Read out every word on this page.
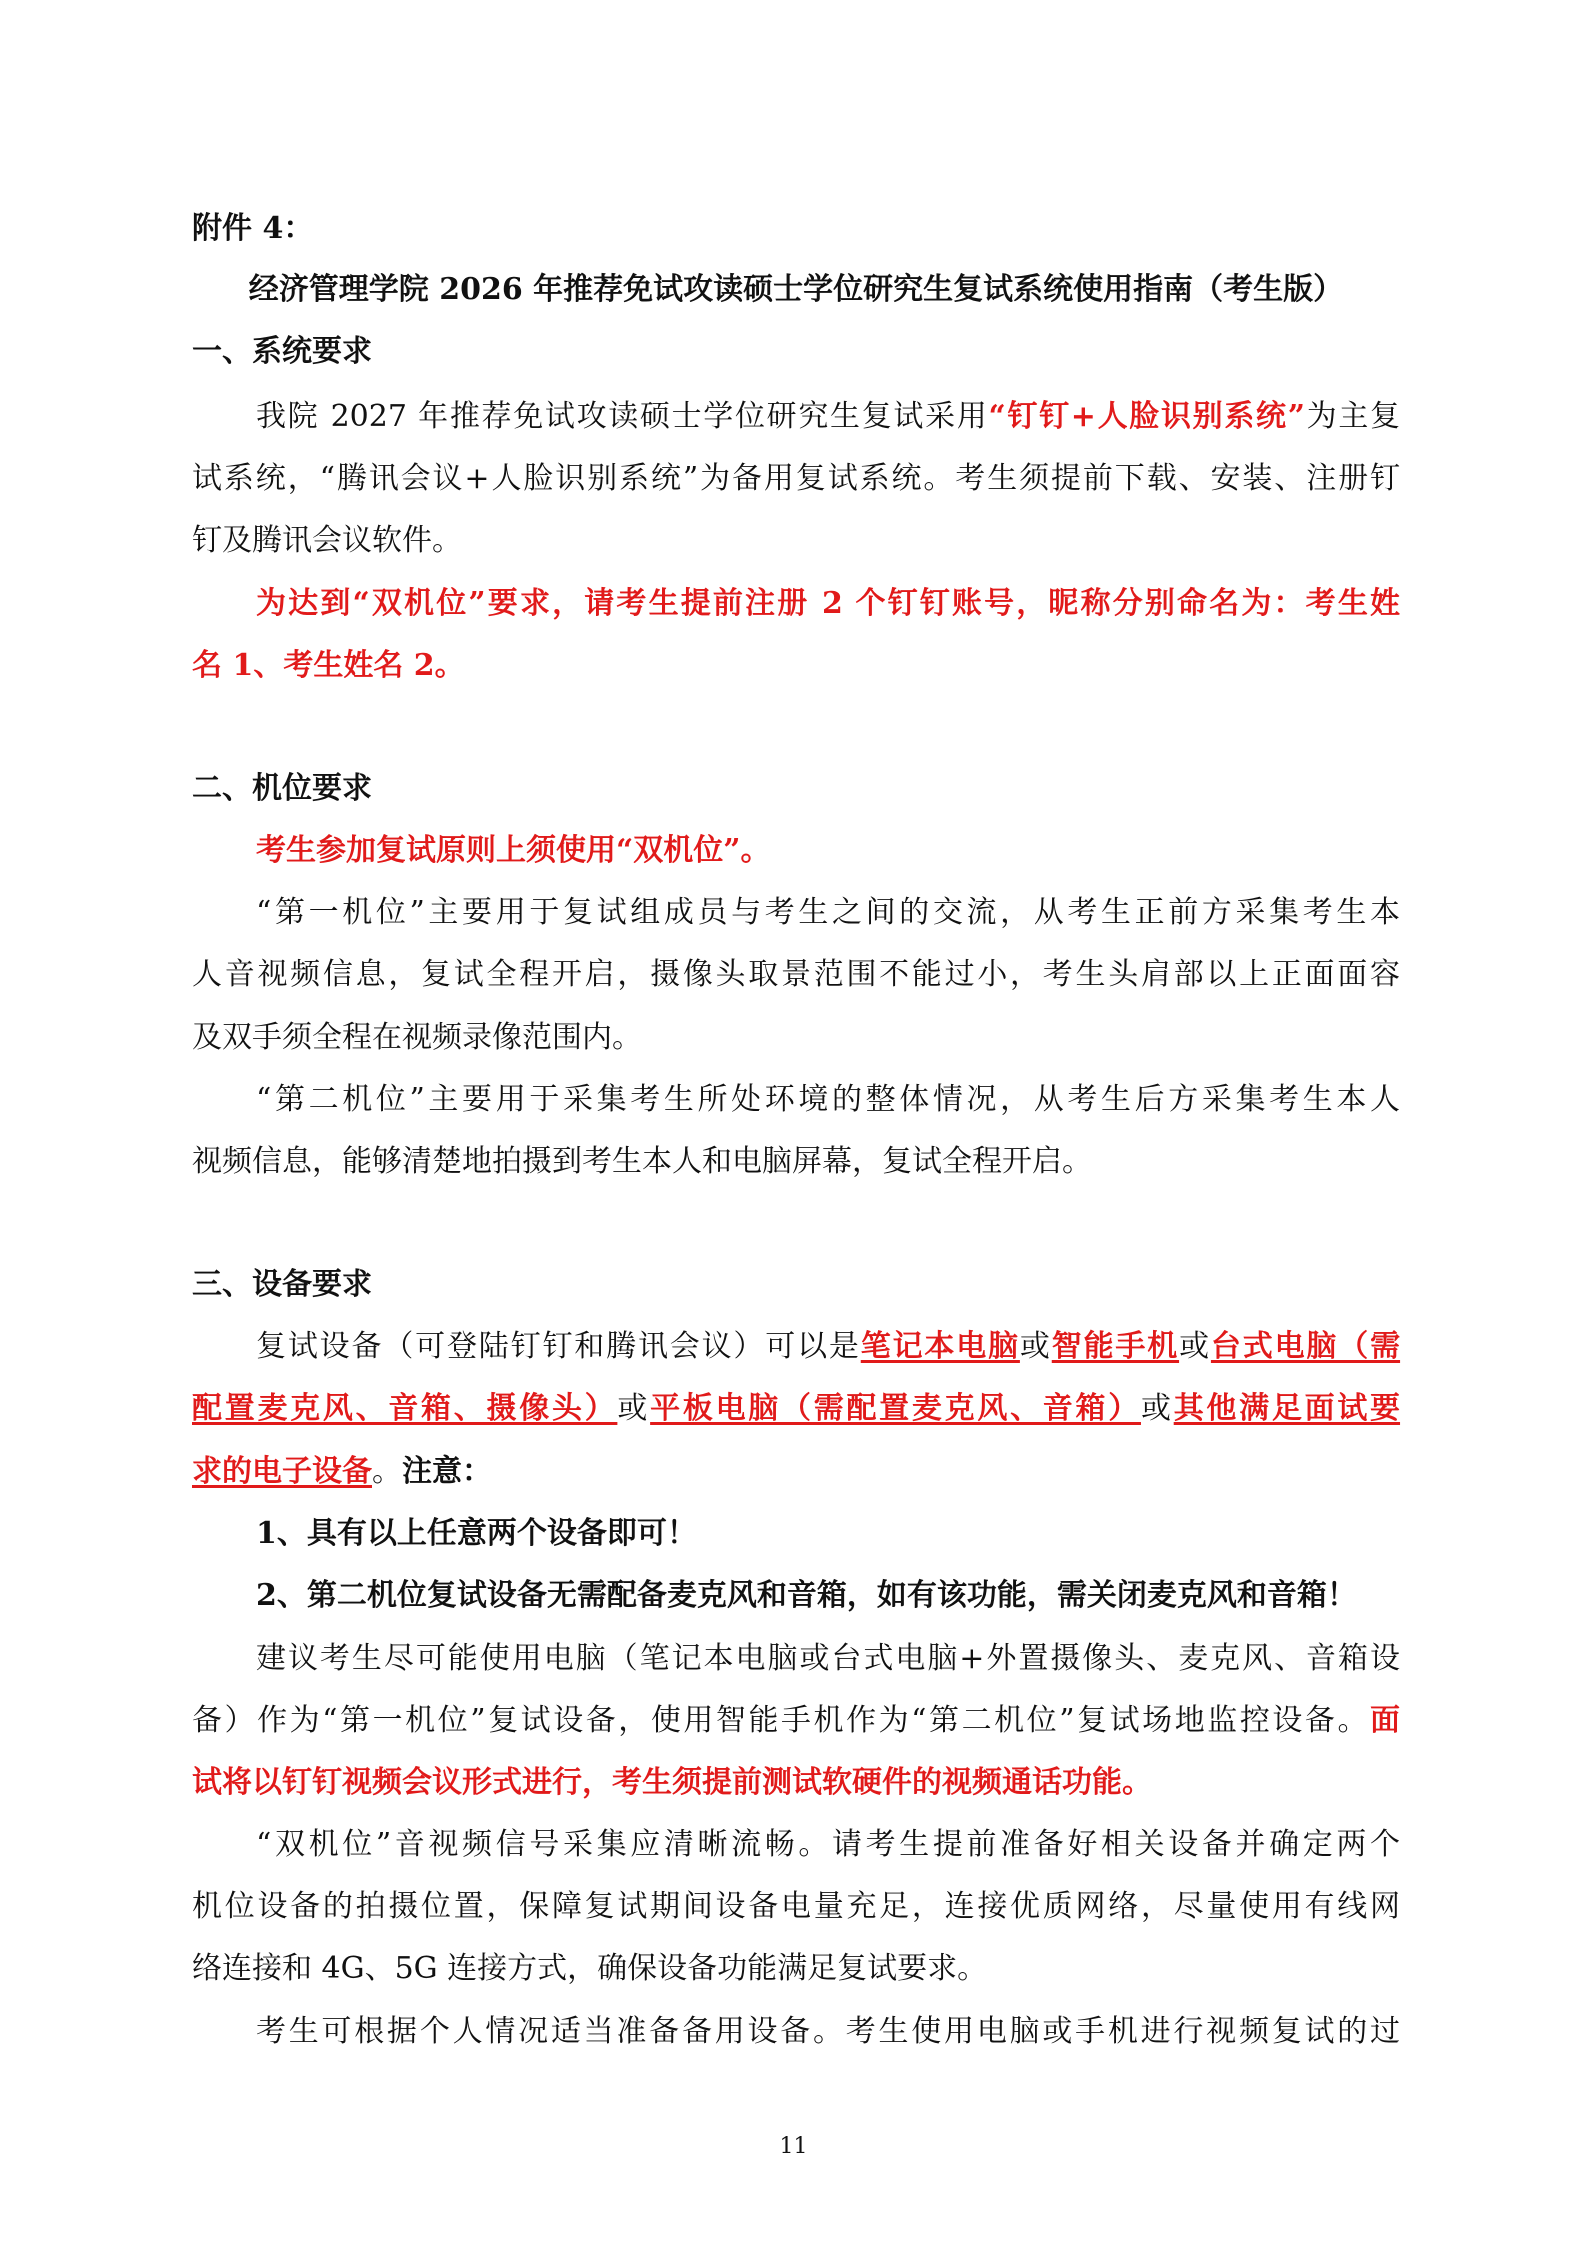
附件 4：
经济管理学院 2026 年推荐免试攻读硕士学位研究生复试系统使用指南（考生版）
一、系统要求
我院 2027 年推荐免试攻读硕士学位研究生复试采用“钉钉+人脸识别系统”为主复
试系统，“腾讯会议+人脸识别系统”为备用复试系统。考生须提前下载、安装、注册钉
钉及腾讯会议软件。
为达到“双机位”要求，请考生提前注册 2 个钉钉账号，昵称分别命名为：考生姓
名 1、考生姓名 2。
二、机位要求
考生参加复试原则上须使用“双机位”。
“第一机位”主要用于复试组成员与考生之间的交流，从考生正前方采集考生本
人音视频信息，复试全程开启，摄像头取景范围不能过小，考生头肩部以上正面面容
及双手须全程在视频录像范围内。
“第二机位”主要用于采集考生所处环境的整体情况，从考生后方采集考生本人
视频信息，能够清楚地拍摄到考生本人和电脑屏幕，复试全程开启。
三、设备要求
复试设备（可登陆钉钉和腾讯会议）可以是笔记本电脑或智能手机或台式电脑（需
配置麦克风、音箱、摄像头）或平板电脑（需配置麦克风、音箱）或其他满足面试要
求的电子设备。注意：
1、具有以上任意两个设备即可！
2、第二机位复试设备无需配备麦克风和音箱，如有该功能，需关闭麦克风和音箱！
建议考生尽可能使用电脑（笔记本电脑或台式电脑+外置摄像头、麦克风、音箱设
备）作为“第一机位”复试设备，使用智能手机作为“第二机位”复试场地监控设备。面
试将以钉钉视频会议形式进行，考生须提前测试软硬件的视频通话功能。
“双机位”音视频信号采集应清晰流畅。请考生提前准备好相关设备并确定两个
机位设备的拍摄位置，保障复试期间设备电量充足，连接优质网络，尽量使用有线网
络连接和 4G、5G 连接方式，确保设备功能满足复试要求。
考生可根据个人情况适当准备备用设备。考生使用电脑或手机进行视频复试的过
11
